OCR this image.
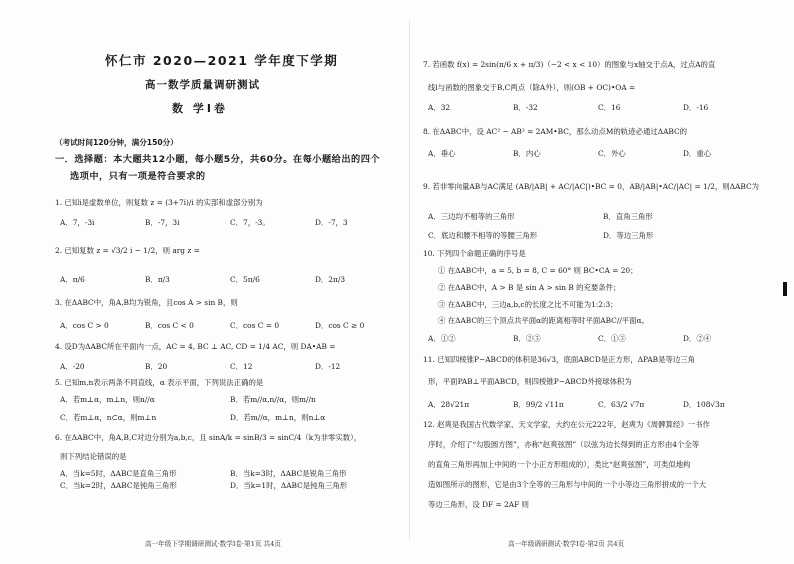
怀仁市 2020—2021 学年度下学期
高一数学质量调研测试
数 学Ⅰ卷
（考试时间120分钟，满分150分）
一．选择题：本大题共12小题，每小题5分，共60分。在每小题给出的四个
选项中，只有一项是符合要求的
1. 已知i是虚数单位，则复数 z = (3+7i)/i 的实部和虚部分别为
A．7，-3i	B．-7，3i	C．7，-3。	D．-7，3
2. 已知复数 z = √3/2 i − 1/2，则 arg z =
A．π/6	B．π/3	C．5π/6	D．2π/3
3. 在ΔABC中，角A,B均为锐角，且cos A > sin B，则
A．cos C > 0	B．cos C < 0	C．cos C = 0	D．cos C ≥ 0
4. 设D为ΔABC所在平面内一点，AC = 4, BC ⊥ AC, CD = 1/4 AC，则 DA•AB =
A．-20	B．20	C．12	D．-12
5. 已知m,n表示两条不同直线，α 表示平面，下列说法正确的是
A．若m⊥α，m⊥n，则n//α	B．若m//α,n//α，则m//n
C．若m⊥α，n⊂α，则m⊥n	D．若m//α，m⊥n，则n⊥α
6. 在ΔABC中，角A,B,C对边分别为a,b,c，且 sinA/k = sinB/3 = sinC/4（k为非零实数），
则下列结论错误的是
A．当k=5时，ΔABC是直角三角形	B．当k=3时，ΔABC是锐角三角形
C．当k=2时，ΔABC是钝角三角形	D．当k=1时，ΔABC是钝角三角形
高一年级下学期调研测试·数学Ⅰ卷·第1页 共4页
7. 若函数 f(x) = 2sin(π/6 x + π/3)（−2 < x < 10）的图象与x轴交于点A，过点A的直
线l与函数的图象交于B,C两点（除A外），则(OB + OC)•OA =
A．32	B．-32	C．16	D．-16
8. 在ΔABC中，设 AC² − AB² = 2AM•BC，那么动点M的轨迹必通过ΔABC的
A．垂心	B．内心	C．外心	D．重心
9. 若非零向量AB与AC满足 (AB/|AB| + AC/|AC|)•BC = 0，AB/|AB|•AC/|AC| = 1/2，则ΔABC为
A．三边均不相等的三角形	B．直角三角形
C．底边和腰不相等的等腰三角形	D．等边三角形
10. 下列四个命题正确的序号是
① 在ΔABC中，a = 5, b = 8, C = 60° 则 BC•CA = 20；
② 在ΔABC中，A > B 是 sin A > sin B 的充要条件；
③ 在ΔABC中，三边a,b,c的长度之比不可能为1:2:3；
④ 在ΔABC的三个顶点共平面α的距离相等时平面ABC//平面α。
A．①②	B．②③	C．①③	D．②④
11. 已知四棱锥P−ABCD的体积是36√3，底面ABCD是正方形，ΔPAB是等边三角
形，平面PAB⊥平面ABCD，则四棱锥P−ABCD外接球体积为
A．28√21π	B．99/2 √11π	C．63/2 √7π	D．108√3π
12. 赵爽是我国古代数学家、天文学家，大约在公元222年，赵爽为《周髀算经》一书作
序时，介绍了“勾股圆方图”，亦称“赵爽弦图”（以弦为边长得到的正方形由4个全等
的直角三角形再加上中间的一个小正方形组成的），类比“赵爽弦图”，可类似地构
造如图所示的图形，它是由3个全等的三角形与中间的一个小等边三角形拼成的一个大
等边三角形，设 DF = 2AF 则
高一年级调研测试·数学Ⅰ卷·第2页 共4页
